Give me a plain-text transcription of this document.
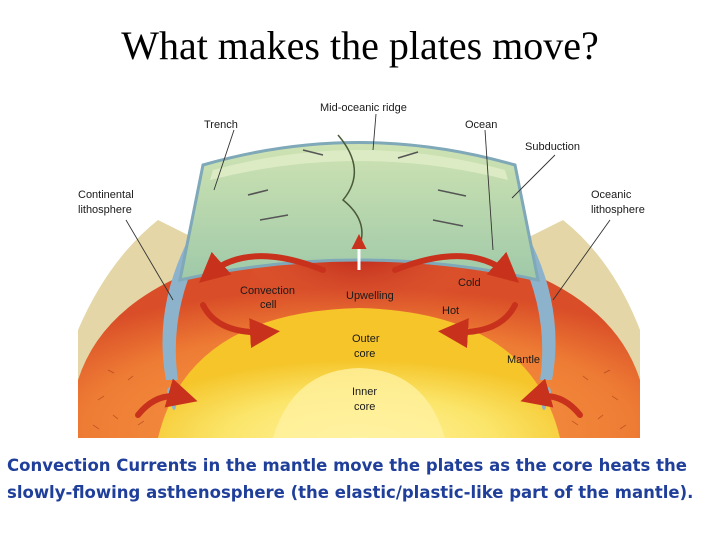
What makes the plates move?
Mid-oceanic ridge
Trench	Ocean
Subduction
Continental
lithosphere
Oceanic
lithosphere
Convection
cell
Upwelling
Cold
Hot
Outer
core	Mantle
Inner
core
Convection Currents in the mantle move the plates as the core heats the slowly-flowing asthenosphere (the elastic/plastic-like part of the mantle).
